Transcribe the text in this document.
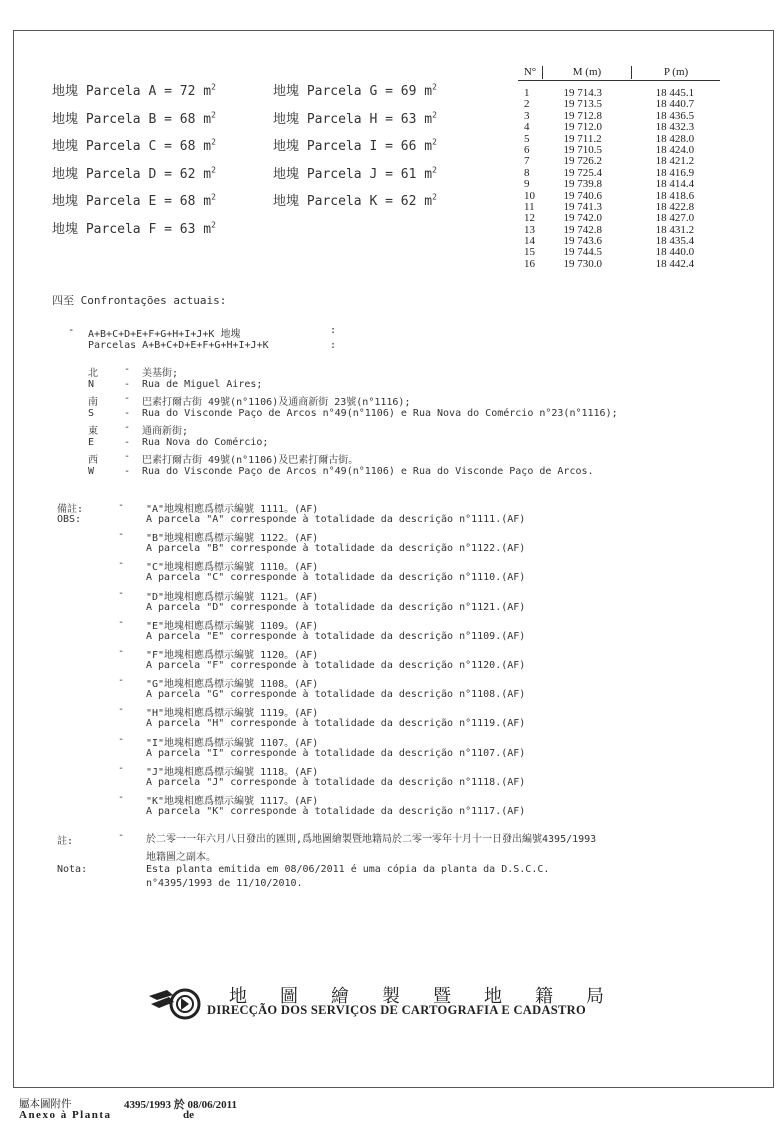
地塊 Parcela A = 72 $m^2$
地塊 Parcela B = 68 $m^2$
地塊 Parcela C = 68 $m^2$
地塊 Parcela D = 62 $m^2$
地塊 Parcela E = 68 $m^2$
地塊 Parcela F = 63 $m^2$
地塊 Parcela G = 69 $m^2$
地塊 Parcela H = 63 $m^2$
地塊 Parcela I = 66 $m^2$
地塊 Parcela J = 61 $m^2$
地塊 Parcela K = 62 $m^2$
N°	M (m)	P (m)
1	19 714.3	18 445.1
2	19 713.5	18 440.7
3	19 712.8	18 436.5
4	19 712.0	18 432.3
5	19 711.2	18 428.0
6	19 710.5	18 424.0
7	19 726.2	18 421.2
8	19 725.4	18 416.9
9	19 739.8	18 414.4
10	19 740.6	18 418.6
11	19 741.3	18 422.8
12	19 742.0	18 427.0
13	19 742.8	18 431.2
14	19 743.6	18 435.4
15	19 744.5	18 440.0
16	19 730.0	18 442.4
四至 Confrontações actuais:
- A+B+C+D+E+F+G+H+I+J+K 地塊	:
Parcelas A+B+C+D+E+F+G+H+I+J+K	:
北	- 美基街;
N	- Rua de Miguel Aires;
南	- 巴素打爾古街 49號(n°1106)及通商新街 23號(n°1116);
S	- Rua do Visconde Paço de Arcos n°49(n°1106) e Rua Nova do Comércio n°23(n°1116);
東	- 通商新街;
E	- Rua Nova do Comércio;
西	- 巴素打爾古街 49號(n°1106)及巴素打爾古街。
W	- Rua do Visconde Paço de Arcos n°49(n°1106) e Rua do Visconde Paço de Arcos.
備註:
OBS:
- "A"地塊相應爲標示編號 1111。(AF)
A parcela "A" corresponde à totalidade da descrição n°1111.(AF)
- "B"地塊相應爲標示編號 1122。(AF)
A parcela "B" corresponde à totalidade da descrição n°1122.(AF)
- "C"地塊相應爲標示編號 1110。(AF)
A parcela "C" corresponde à totalidade da descrição n°1110.(AF)
- "D"地塊相應爲標示編號 1121。(AF)
A parcela "D" corresponde à totalidade da descrição n°1121.(AF)
- "E"地塊相應爲標示編號 1109。(AF)
A parcela "E" corresponde à totalidade da descrição n°1109.(AF)
- "F"地塊相應爲標示編號 1120。(AF)
A parcela "F" corresponde à totalidade da descrição n°1120.(AF)
- "G"地塊相應爲標示編號 1108。(AF)
A parcela "G" corresponde à totalidade da descrição n°1108.(AF)
- "H"地塊相應爲標示編號 1119。(AF)
A parcela "H" corresponde à totalidade da descrição n°1119.(AF)
- "I"地塊相應爲標示編號 1107。(AF)
A parcela "I" corresponde à totalidade da descrição n°1107.(AF)
- "J"地塊相應爲標示編號 1118。(AF)
A parcela "J" corresponde à totalidade da descrição n°1118.(AF)
- "K"地塊相應爲標示編號 1117。(AF)
A parcela "K" corresponde à totalidade da descrição n°1117.(AF)
註:
- 於二零一一年六月八日發出的匯則,爲地圖繪製暨地籍局於二零一零年十月十一日發出編號4395/1993
地籍圖之副本。
Nota:	Esta planta emitida em 08/06/2011 é uma cópia da planta da D.S.C.C.
n°4395/1993 de 11/10/2010.
地圖繪製暨地籍局
DIRECÇÃO DOS SERVIÇOS DE CARTOGRAFIA E CADASTRO
屬本圖附件
Anexo à Planta
4395/1993 於 08/06/2011
de
